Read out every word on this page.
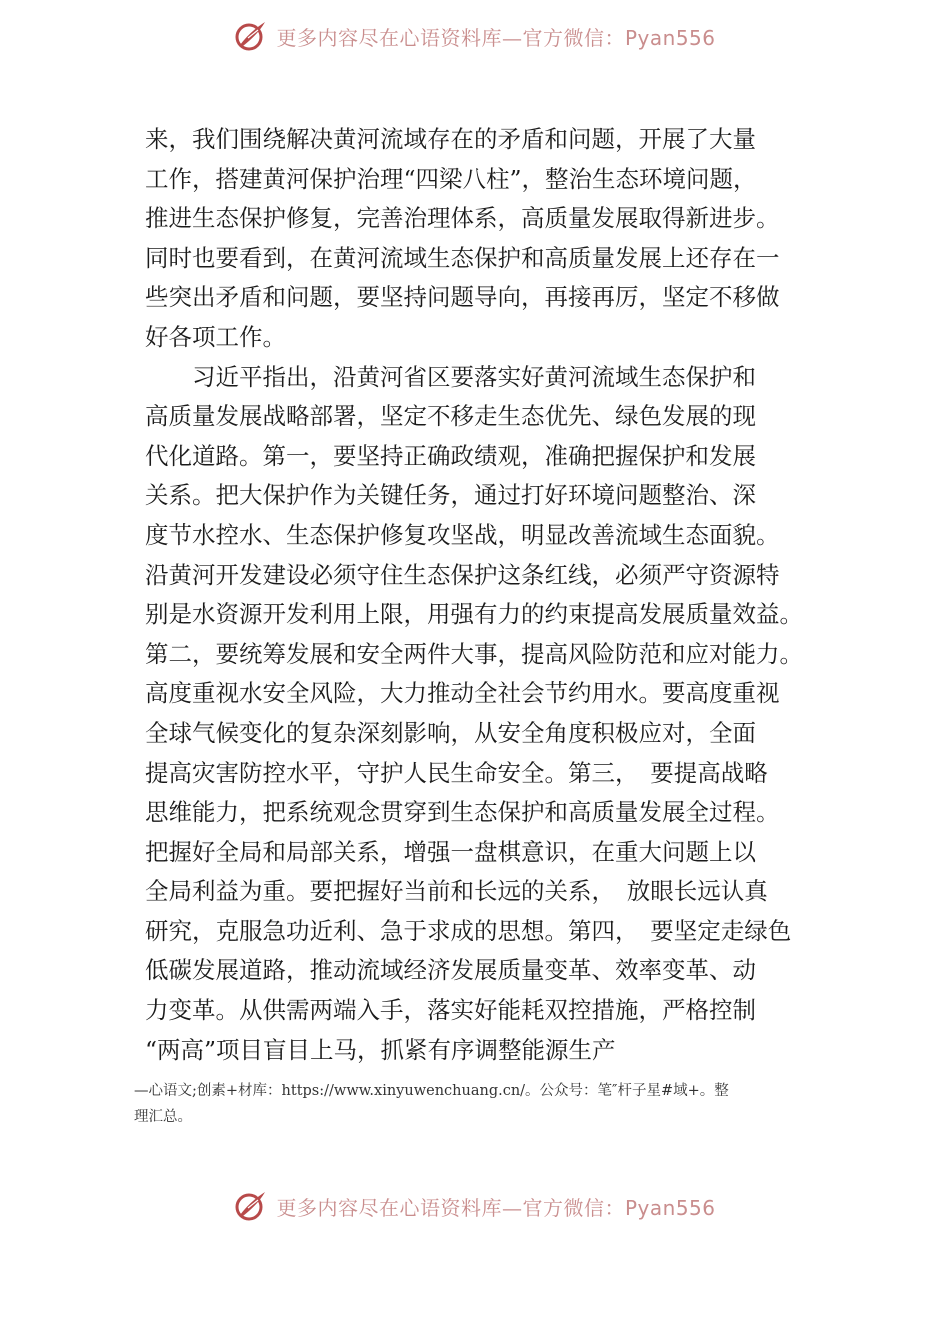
更多内容尽在心语资料库—官方微信：Pyan556
来，我们围绕解决黄河流域存在的矛盾和问题，开展了大量
工作，搭建黄河保护治理“四梁八柱”，整治生态环境问题，
推进生态保护修复，完善治理体系，高质量发展取得新进步。
同时也要看到，在黄河流域生态保护和高质量发展上还存在一
些突出矛盾和问题，要坚持问题导向，再接再厉，坚定不移做
好各项工作。
　　习近平指出，沿黄河省区要落实好黄河流域生态保护和
高质量发展战略部署，坚定不移走生态优先、绿色发展的现
代化道路。第一，要坚持正确政绩观，准确把握保护和发展
关系。把大保护作为关键任务，通过打好环境问题整治、深
度节水控水、生态保护修复攻坚战，明显改善流域生态面貌。
沿黄河开发建设必须守住生态保护这条红线，必须严守资源特
别是水资源开发利用上限，用强有力的约束提高发展质量效益。
第二，要统筹发展和安全两件大事，提高风险防范和应对能力。
高度重视水安全风险，大力推动全社会节约用水。要高度重视
全球气候变化的复杂深刻影响，从安全角度积极应对，全面
提高灾害防控水平，守护人民生命安全。第三，　要提高战略
思维能力，把系统观念贯穿到生态保护和高质量发展全过程。
把握好全局和局部关系，增强一盘棋意识，在重大问题上以
全局利益为重。要把握好当前和长远的关系，　放眼长远认真
研究，克服急功近利、急于求成的思想。第四，　要坚定走绿色
低碳发展道路，推动流域经济发展质量变革、效率变革、动
力变革。从供需两端入手，落实好能耗双控措施，严格控制
“两高”项目盲目上马，抓紧有序调整能源生产
—心语文;创素+材库：https://www.xinyuwenchuang.cn/。公众号：笔″杆子星#域+。整
理汇总。
更多内容尽在心语资料库—官方微信：Pyan556
